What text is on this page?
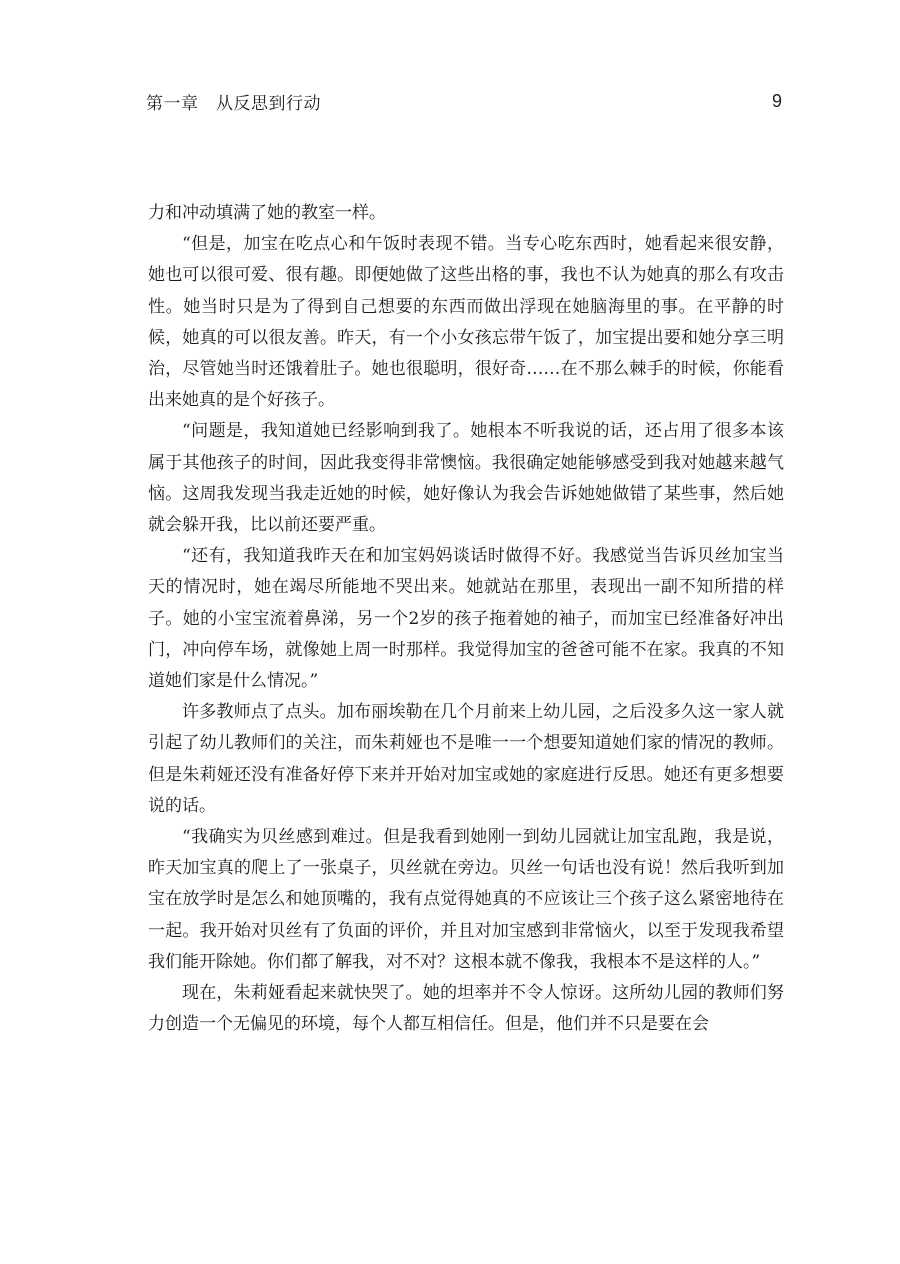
第一章　从反思到行动	9

力和冲动填满了她的教室一样。

“但是，加宝在吃点心和午饭时表现不错。当专心吃东西时，她看起来很安静，她也可以很可爱、很有趣。即便她做了这些出格的事，我也不认为她真的那么有攻击性。她当时只是为了得到自己想要的东西而做出浮现在她脑海里的事。在平静的时候，她真的可以很友善。昨天，有一个小女孩忘带午饭了，加宝提出要和她分享三明治，尽管她当时还饿着肚子。她也很聪明，很好奇……在不那么棘手的时候，你能看出来她真的是个好孩子。

“问题是，我知道她已经影响到我了。她根本不听我说的话，还占用了很多本该属于其他孩子的时间，因此我变得非常懊恼。我很确定她能够感受到我对她越来越气恼。这周我发现当我走近她的时候，她好像认为我会告诉她她做错了某些事，然后她就会躲开我，比以前还要严重。

“还有，我知道我昨天在和加宝妈妈谈话时做得不好。我感觉当告诉贝丝加宝当天的情况时，她在竭尽所能地不哭出来。她就站在那里，表现出一副不知所措的样子。她的小宝宝流着鼻涕，另一个2岁的孩子拖着她的袖子，而加宝已经准备好冲出门，冲向停车场，就像她上周一时那样。我觉得加宝的爸爸可能不在家。我真的不知道她们家是什么情况。”

许多教师点了点头。加布丽埃勒在几个月前来上幼儿园，之后没多久这一家人就引起了幼儿教师们的关注，而朱莉娅也不是唯一一个想要知道她们家的情况的教师。但是朱莉娅还没有准备好停下来并开始对加宝或她的家庭进行反思。她还有更多想要说的话。

“我确实为贝丝感到难过。但是我看到她刚一到幼儿园就让加宝乱跑，我是说，昨天加宝真的爬上了一张桌子，贝丝就在旁边。贝丝一句话也没有说！然后我听到加宝在放学时是怎么和她顶嘴的，我有点觉得她真的不应该让三个孩子这么紧密地待在一起。我开始对贝丝有了负面的评价，并且对加宝感到非常恼火，以至于发现我希望我们能开除她。你们都了解我，对不对？这根本就不像我，我根本不是这样的人。”

现在，朱莉娅看起来就快哭了。她的坦率并不令人惊讶。这所幼儿园的教师们努力创造一个无偏见的环境，每个人都互相信任。但是，他们并不只是要在会
